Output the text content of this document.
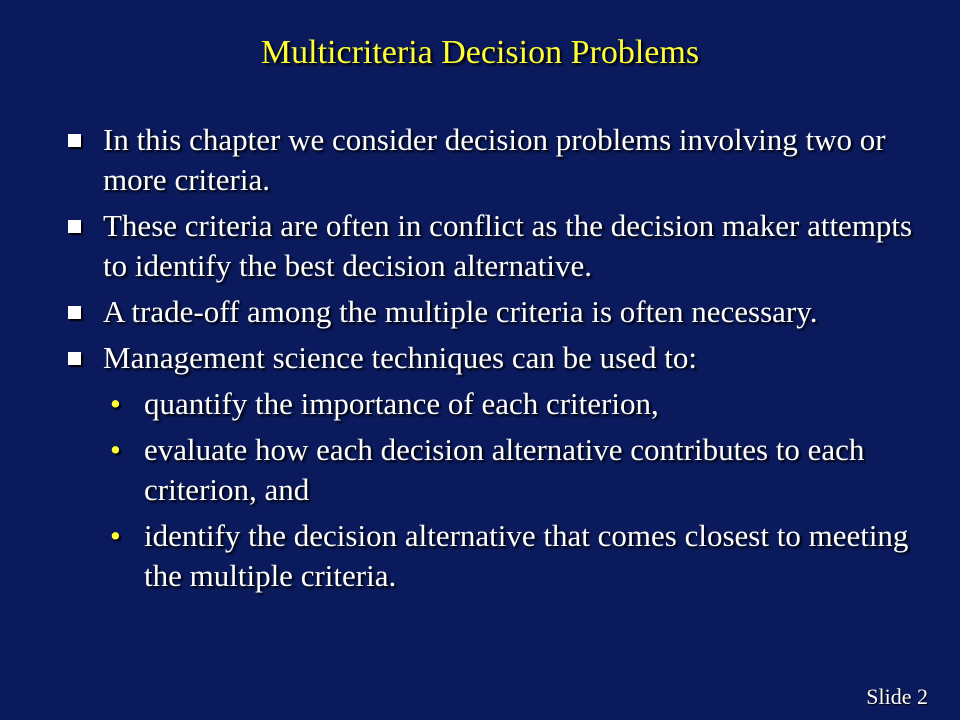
Multicriteria Decision Problems
In this chapter we consider decision problems involving two or more criteria.
These criteria are often in conflict as the decision maker attempts to identify the best decision alternative.
A trade-off among the multiple criteria is often necessary.
Management science techniques can be used to:
• quantify the importance of each criterion,
• evaluate how each decision alternative contributes to each criterion, and
• identify the decision alternative that comes closest to meeting the multiple criteria.
Slide 2
